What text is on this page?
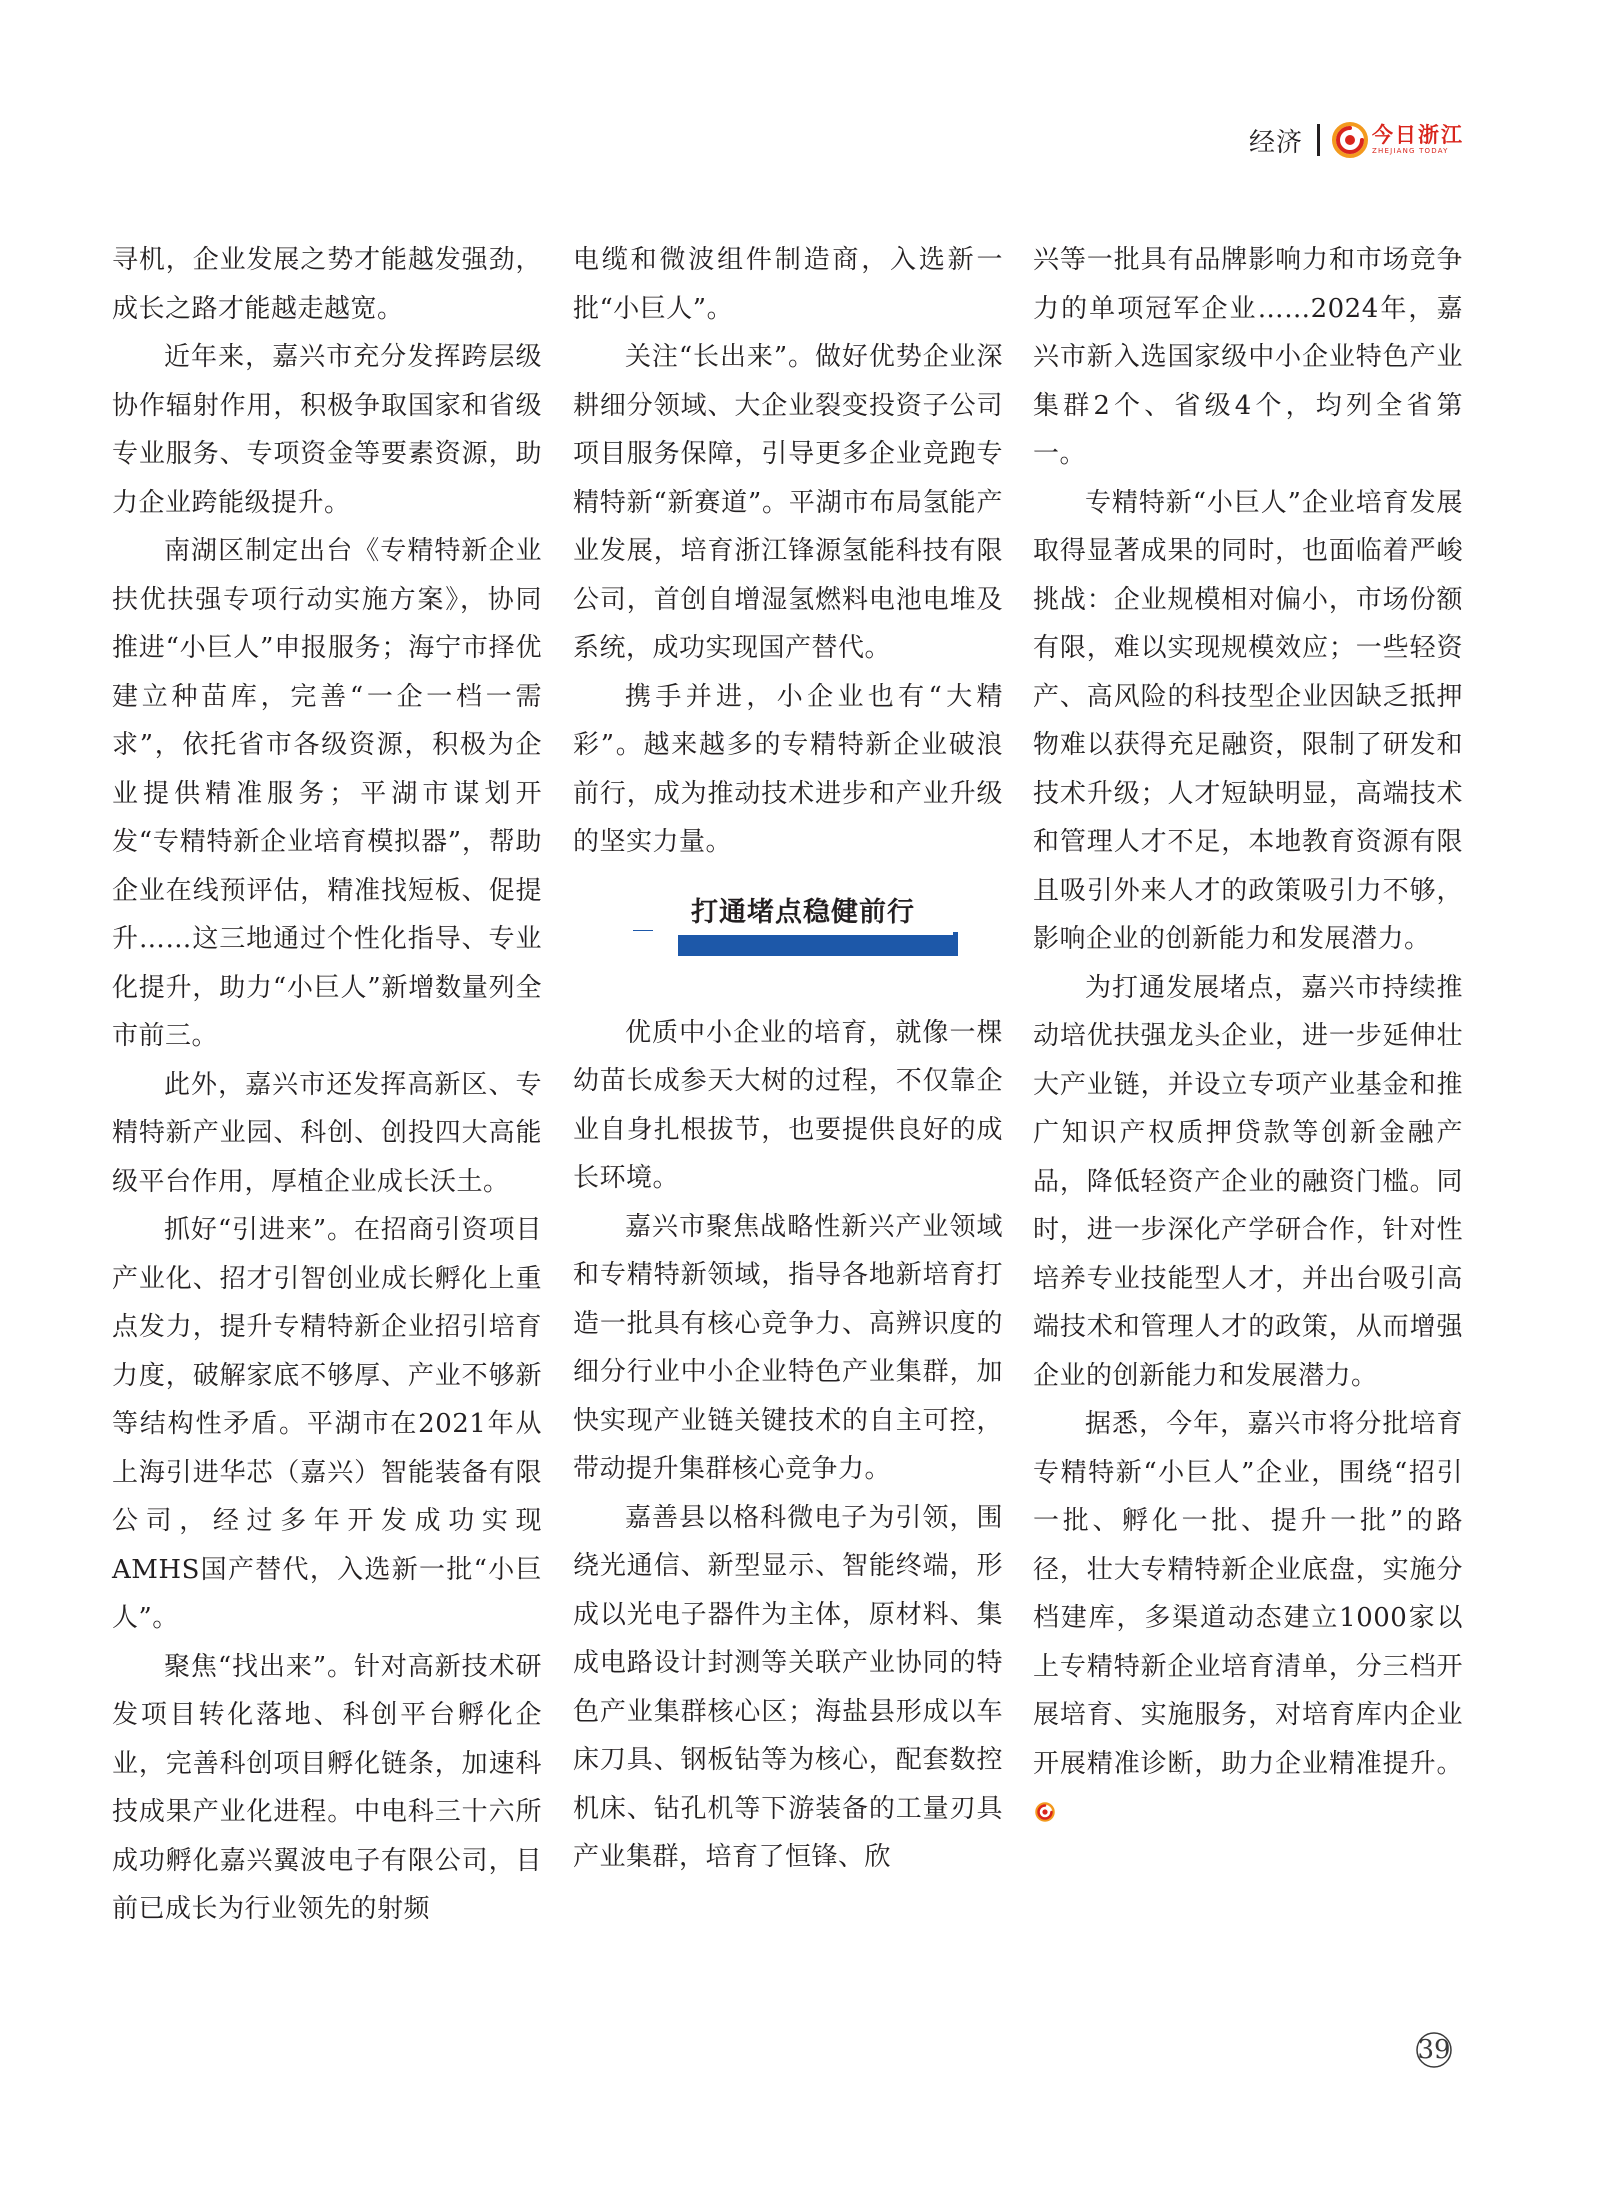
经济	今日浙江
ZHEJIANG TODAY

寻机，企业发展之势才能越发强劲，成长之路才能越走越宽。

近年来，嘉兴市充分发挥跨层级协作辐射作用，积极争取国家和省级专业服务、专项资金等要素资源，助力企业跨能级提升。

南湖区制定出台《专精特新企业扶优扶强专项行动实施方案》，协同推进“小巨人”申报服务；海宁市择优建立种苗库，完善“一企一档一需求”，依托省市各级资源，积极为企业提供精准服务；平湖市谋划开发“专精特新企业培育模拟器”，帮助企业在线预评估，精准找短板、促提升……这三地通过个性化指导、专业化提升，助力“小巨人”新增数量列全市前三。

此外，嘉兴市还发挥高新区、专精特新产业园、科创、创投四大高能级平台作用，厚植企业成长沃土。

抓好“引进来”。在招商引资项目产业化、招才引智创业成长孵化上重点发力，提升专精特新企业招引培育力度，破解家底不够厚、产业不够新等结构性矛盾。平湖市在2021年从上海引进华芯（嘉兴）智能装备有限公司，经过多年开发成功实现AMHS国产替代，入选新一批“小巨人”。

聚焦“找出来”。针对高新技术研发项目转化落地、科创平台孵化企业，完善科创项目孵化链条，加速科技成果产业化进程。中电科三十六所成功孵化嘉兴翼波电子有限公司，目前已成长为行业领先的射频

电缆和微波组件制造商，入选新一批“小巨人”。

关注“长出来”。做好优势企业深耕细分领域、大企业裂变投资子公司项目服务保障，引导更多企业竞跑专精特新“新赛道”。平湖市布局氢能产业发展，培育浙江锋源氢能科技有限公司，首创自增湿氢燃料电池电堆及系统，成功实现国产替代。

携手并进，小企业也有“大精彩”。越来越多的专精特新企业破浪前行，成为推动技术进步和产业升级的坚实力量。

打通堵点稳健前行

优质中小企业的培育，就像一棵幼苗长成参天大树的过程，不仅靠企业自身扎根拔节，也要提供良好的成长环境。

嘉兴市聚焦战略性新兴产业领域和专精特新领域，指导各地新培育打造一批具有核心竞争力、高辨识度的细分行业中小企业特色产业集群，加快实现产业链关键技术的自主可控，带动提升集群核心竞争力。

嘉善县以格科微电子为引领，围绕光通信、新型显示、智能终端，形成以光电子器件为主体，原材料、集成电路设计封测等关联产业协同的特色产业集群核心区；海盐县形成以车床刀具、钢板钻等为核心，配套数控机床、钻孔机等下游装备的工量刃具产业集群，培育了恒锋、欣

兴等一批具有品牌影响力和市场竞争力的单项冠军企业……2024年，嘉兴市新入选国家级中小企业特色产业集群2个、省级4个，均列全省第一。

专精特新“小巨人”企业培育发展取得显著成果的同时，也面临着严峻挑战：企业规模相对偏小，市场份额有限，难以实现规模效应；一些轻资产、高风险的科技型企业因缺乏抵押物难以获得充足融资，限制了研发和技术升级；人才短缺明显，高端技术和管理人才不足，本地教育资源有限且吸引外来人才的政策吸引力不够，影响企业的创新能力和发展潜力。

为打通发展堵点，嘉兴市持续推动培优扶强龙头企业，进一步延伸壮大产业链，并设立专项产业基金和推广知识产权质押贷款等创新金融产品，降低轻资产企业的融资门槛。同时，进一步深化产学研合作，针对性培养专业技能型人才，并出台吸引高端技术和管理人才的政策，从而增强企业的创新能力和发展潜力。

据悉，今年，嘉兴市将分批培育专精特新“小巨人”企业，围绕“招引一批、孵化一批、提升一批”的路径，壮大专精特新企业底盘，实施分档建库，多渠道动态建立1000家以上专精特新企业培育清单，分三档开展培育、实施服务，对培育库内企业开展精准诊断，助力企业精准提升。

39
